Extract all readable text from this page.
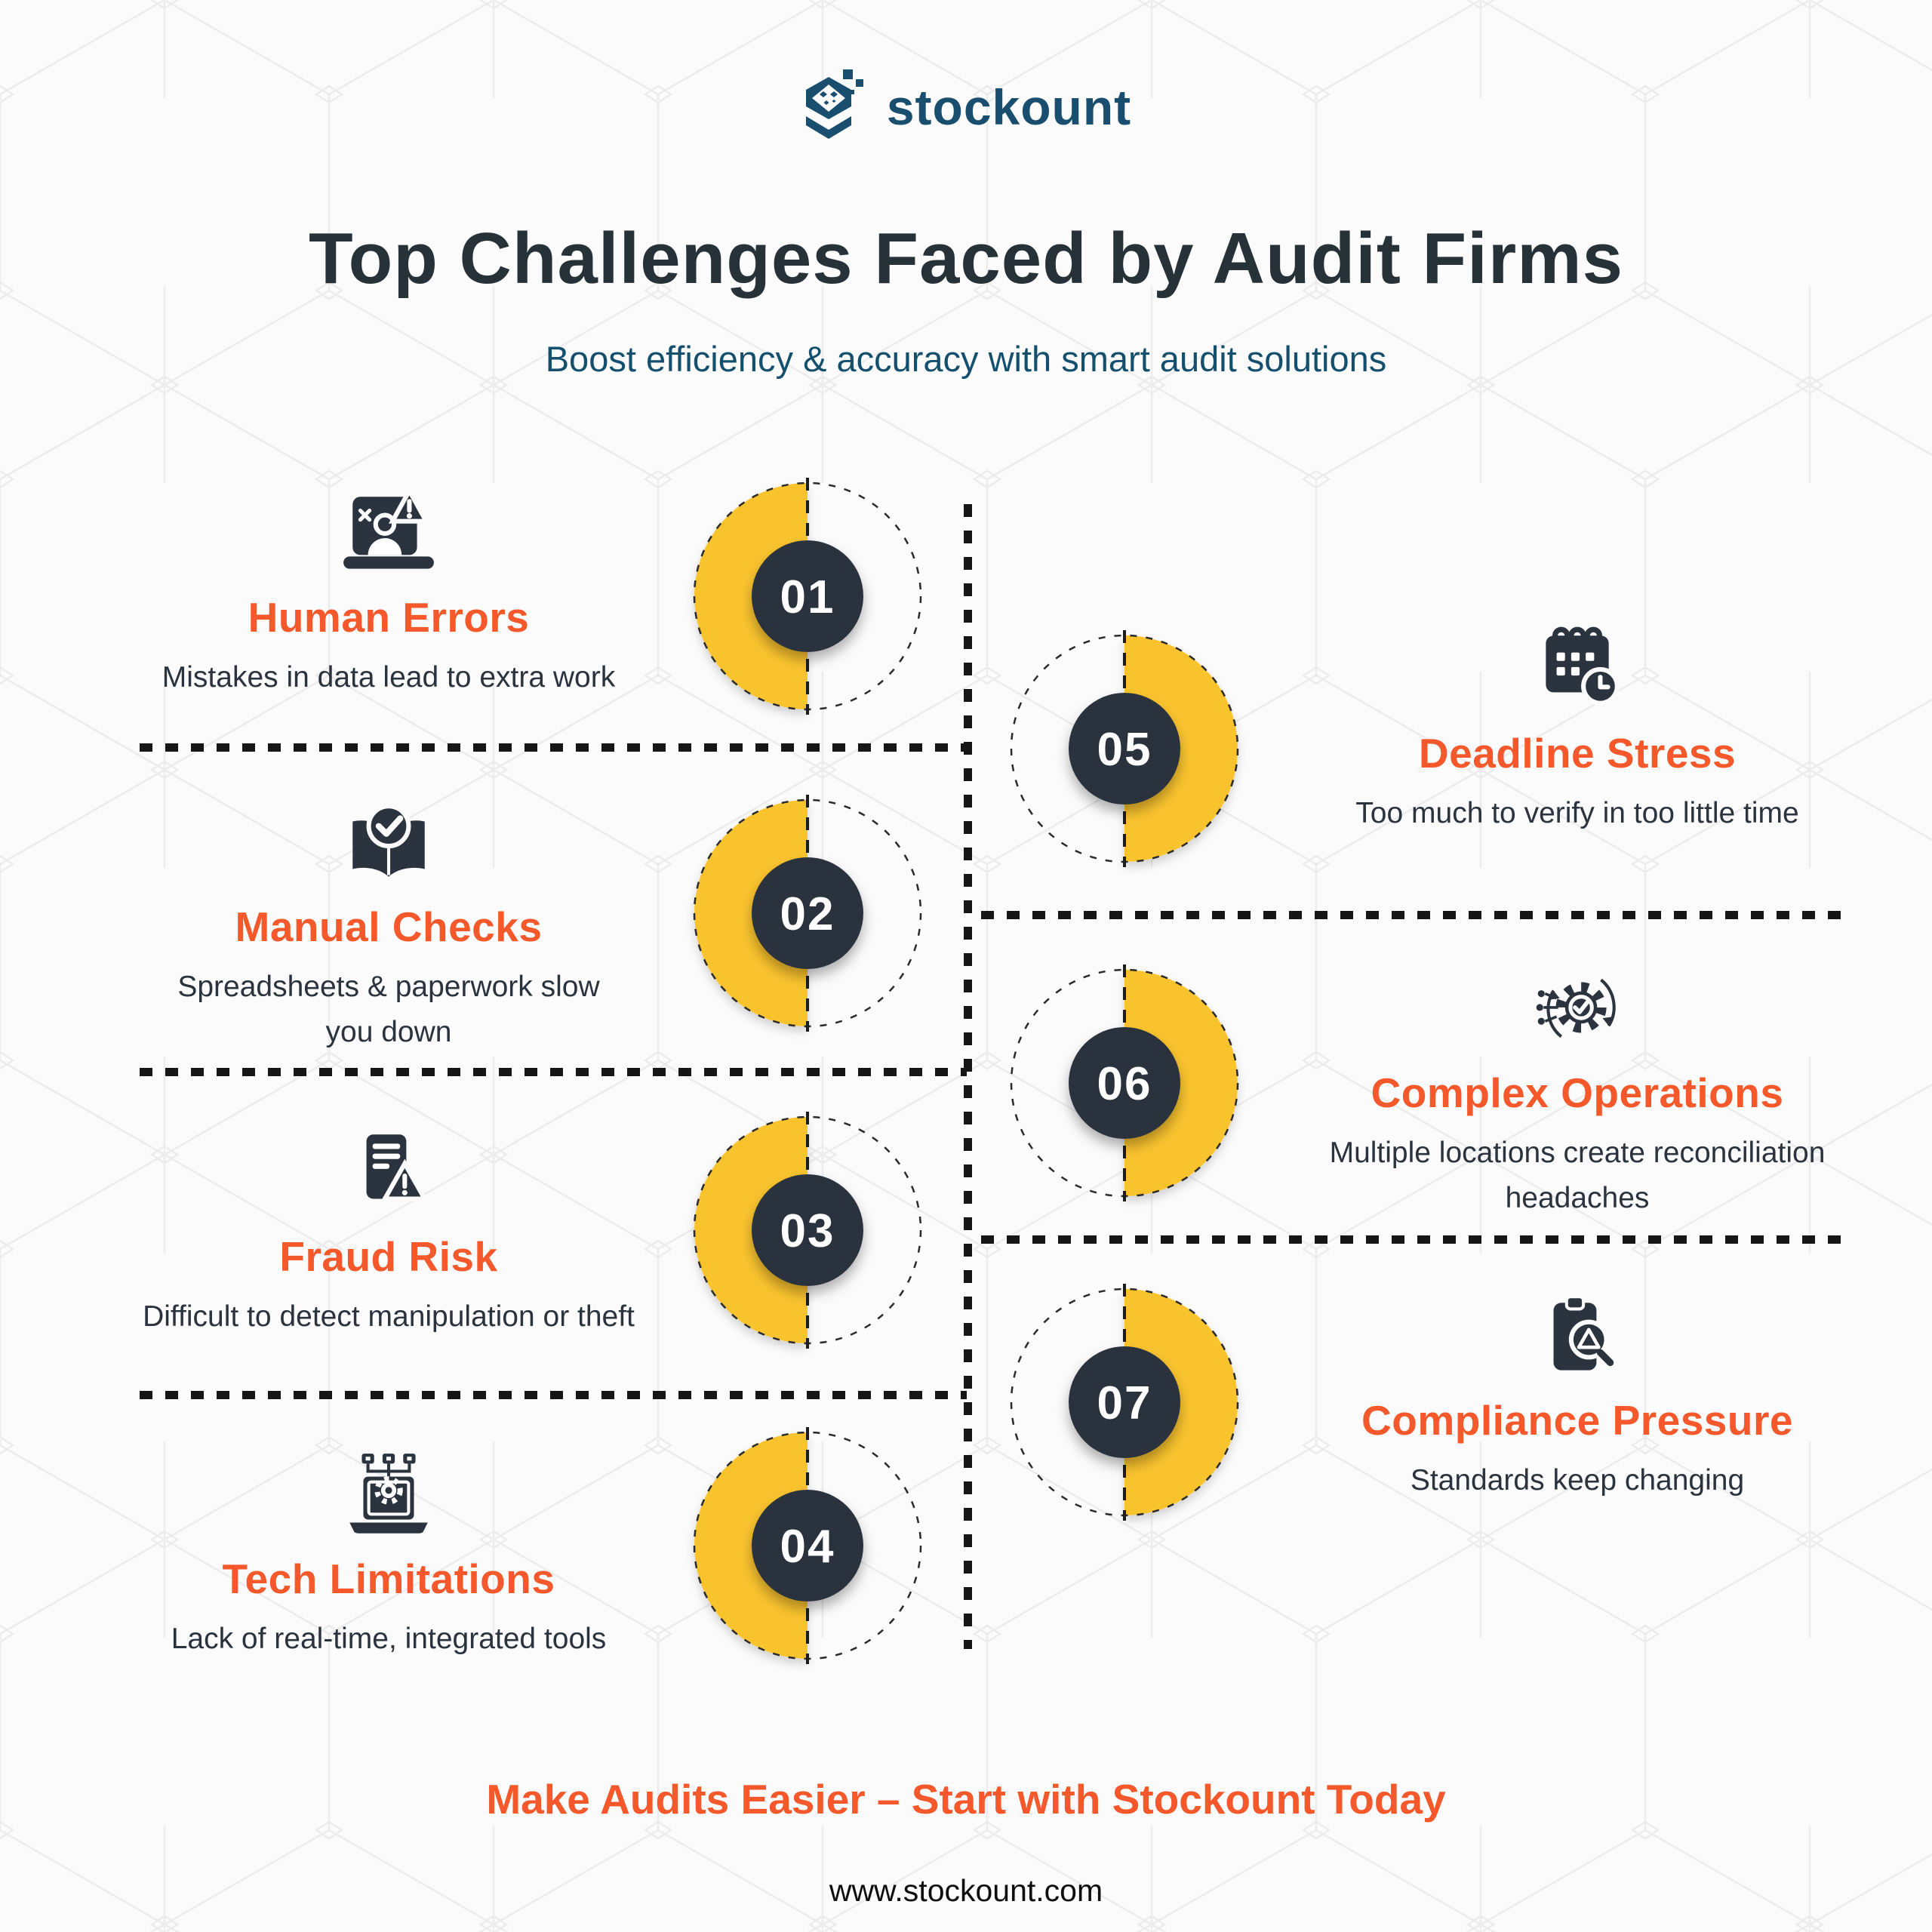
stockount
Top Challenges Faced by Audit Firms
Boost efficiency & accuracy with smart audit solutions
Human Errors
Mistakes in data lead to extra work
01
Manual Checks
Spreadsheets & paperwork slow you down
02
Fraud Risk
Difficult to detect manipulation or theft
03
Tech Limitations
Lack of real-time, integrated tools
04
Deadline Stress
Too much to verify in too little time
05
Complex Operations
Multiple locations create reconciliation headaches
06
Compliance Pressure
Standards keep changing
07
Make Audits Easier – Start with Stockount Today
www.stockount.com
